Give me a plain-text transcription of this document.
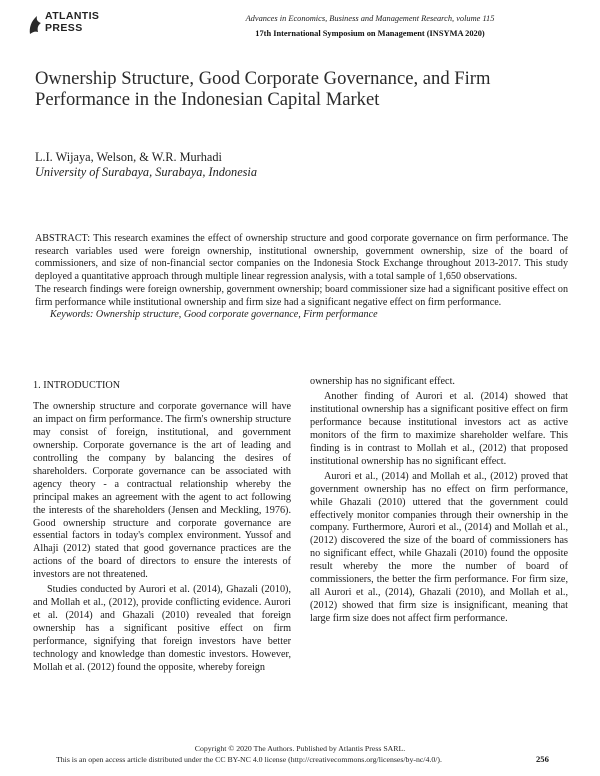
ATLANTIS
PRESS
Advances in Economics, Business and Management Research, volume 115
17th International Symposium on Management (INSYMA 2020)
Ownership Structure, Good Corporate Governance, and Firm Performance in the Indonesian Capital Market
L.I. Wijaya, Welson, & W.R. Murhadi
University of Surabaya, Surabaya, Indonesia

ABSTRACT: This research examines the effect of ownership structure and good corporate governance on firm performance. The research variables used were foreign ownership, institutional ownership, government ownership, size of the board of commissioners, and size of non-financial sector companies on the Indonesia Stock Exchange throughout 2013-2017. This study deployed a quantitative approach through multiple linear regression analysis, with a total sample of 1,650 observations.

The research findings were foreign ownership, government ownership; board commissioner size had a significant positive effect on firm performance while institutional ownership and firm size had a significant negative effect on firm performance.

Keywords: Ownership structure, Good corporate governance, Firm performance

1. INTRODUCTION

The ownership structure and corporate governance will have an impact on firm performance. The firm's ownership structure may consist of foreign, institutional, and government ownership. Corporate governance is the art of leading and controlling the company by balancing the desires of shareholders. Corporate governance can be associated with agency theory - a contractual relationship whereby the principal makes an agreement with the agent to act following the interests of the shareholders (Jensen and Meckling, 1976). Good ownership structure and corporate governance are essential factors in today's complex environment. Yussof and Alhaji (2012) stated that good governance practices are the actions of the board of directors to ensure the interests of investors are not threatened.

Studies conducted by Aurori et al. (2014), Ghazali (2010), and Mollah et al., (2012), provide conflicting evidence. Aurori et al. (2014) and Ghazali (2010) revealed that foreign ownership has a significant positive effect on firm performance, signifying that foreign investors have better technology and knowledge than domestic investors. However, Mollah et al. (2012) found the opposite, whereby foreign

ownership has no significant effect.

Another finding of Aurori et al. (2014) showed that institutional ownership has a significant positive effect on firm performance because institutional investors act as active monitors of the firm to maximize shareholder welfare. This finding is in contrast to Mollah et al., (2012) that proposed institutional ownership has no significant effect.

Aurori et al., (2014) and Mollah et al., (2012) proved that government ownership has no effect on firm performance, while Ghazali (2010) uttered that the government could effectively monitor companies through their ownership in the company. Furthermore, Aurori et al., (2014) and Mollah et al., (2012) discovered the size of the board of commissioners has no significant effect, while Ghazali (2010) found the opposite result whereby the more the number of board of commissioners, the better the firm performance. For firm size, all Aurori et al., (2014), Ghazali (2010), and Mollah et al., (2012) showed that firm size is insignificant, meaning that large firm size does not affect firm performance.

Copyright © 2020 The Authors. Published by Atlantis Press SARL.
This is an open access article distributed under the CC BY-NC 4.0 license (http://creativecommons.org/licenses/by-nc/4.0/).	256
